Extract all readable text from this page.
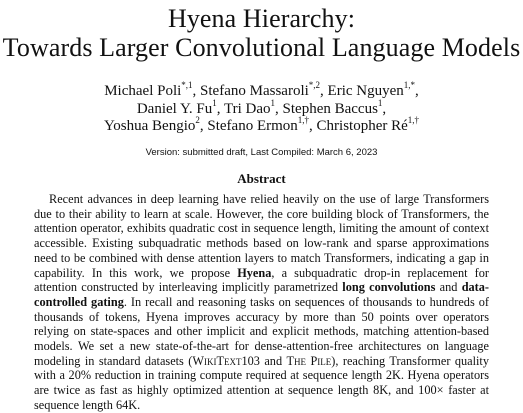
Hyena Hierarchy:
Towards Larger Convolutional Language Models
Michael Poli$^{*,1}$, Stefano Massaroli$^{*,2}$, Eric Nguyen$^{1,*}$,
Daniel Y. Fu$^1$, Tri Dao$^1$, Stephen Baccus$^1$,
Yoshua Bengio$^2$, Stefano Ermon$^{1,\dagger}$, Christopher $Ré^{1,\dagger}$
Version: submitted draft, Last Compiled: March 6, 2023
Abstract

Recent advances in deep learning have relied heavily on the use of large Transformers due to their ability to learn at scale. However, the core building block of Transformers, the attention operator, exhibits quadratic cost in sequence length, limiting the amount of context accessible. Existing subquadratic methods based on low-rank and sparse approximations need to be combined with dense attention layers to match Transformers, indicating a gap in capability. In this work, we propose Hyena, a subquadratic drop-in replacement for attention constructed by interleaving implicitly parametrized long convolutions and data-controlled gating. In recall and reasoning tasks on sequences of thousands to hundreds of thousands of tokens, Hyena improves accuracy by more than 50 points over operators relying on state-spaces and other implicit and explicit methods, matching attention-based models. We set a new state-of-the-art for dense-attention-free architectures on language modeling in standard datasets (WikiText103 and The Pile), reaching Transformer quality with a 20% reduction in training compute required at sequence length 2K. Hyena operators are twice as fast as highly optimized attention at sequence length 8K, and 100× faster at sequence length 64K.
